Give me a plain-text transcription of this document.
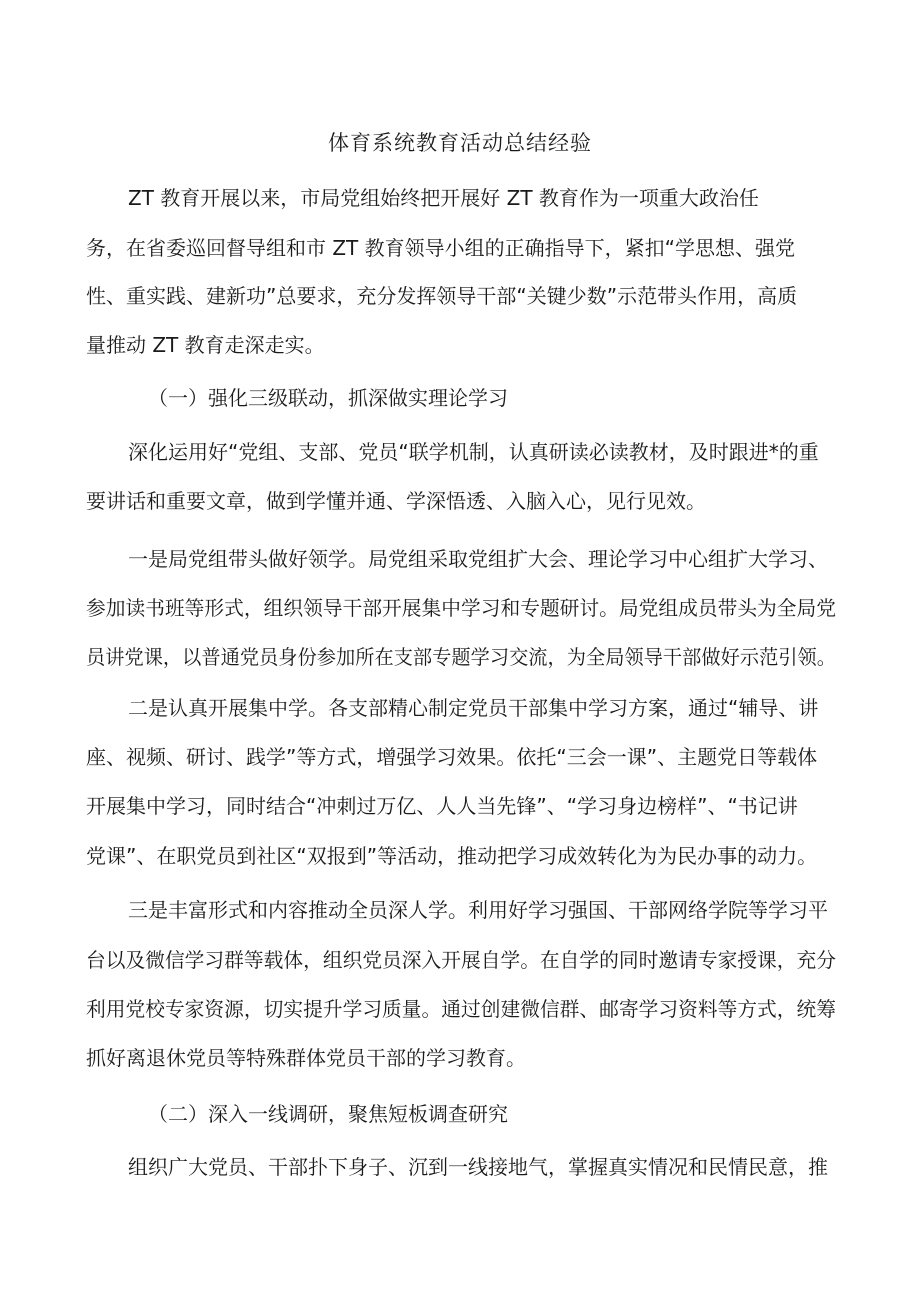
体育系统教育活动总结经验
ZT 教育开展以来，市局党组始终把开展好 ZT 教育作为一项重大政治任
务，在省委巡回督导组和市 ZT 教育领导小组的正确指导下，紧扣“学思想、强党
性、重实践、建新功”总要求，充分发挥领导干部“关键少数”示范带头作用，高质
量推动 ZT 教育走深走实。
（一）强化三级联动，抓深做实理论学习
深化运用好“党组、支部、党员“联学机制，认真研读必读教材，及时跟进*的重
要讲话和重要文章，做到学懂并通、学深悟透、入脑入心，见行见效。
一是局党组带头做好领学。局党组采取党组扩大会、理论学习中心组扩大学习、
参加读书班等形式，组织领导干部开展集中学习和专题研讨。局党组成员带头为全局党
员讲党课，以普通党员身份参加所在支部专题学习交流，为全局领导干部做好示范引领。
二是认真开展集中学。各支部精心制定党员干部集中学习方案，通过“辅导、讲
座、视频、研讨、践学”等方式，增强学习效果。依托“三会一课”、主题党日等载体
开展集中学习，同时结合“冲刺过万亿、人人当先锋”、“学习身边榜样”、“书记讲
党课”、在职党员到社区“双报到”等活动，推动把学习成效转化为为民办事的动力。
三是丰富形式和内容推动全员深人学。利用好学习强国、干部网络学院等学习平
台以及微信学习群等载体，组织党员深入开展自学。在自学的同时邀请专家授课，充分
利用党校专家资源，切实提升学习质量。通过创建微信群、邮寄学习资料等方式，统筹
抓好离退休党员等特殊群体党员干部的学习教育。
（二）深入一线调研，聚焦短板调查研究
组织广大党员、干部扑下身子、沉到一线接地气，掌握真实情况和民情民意，推
